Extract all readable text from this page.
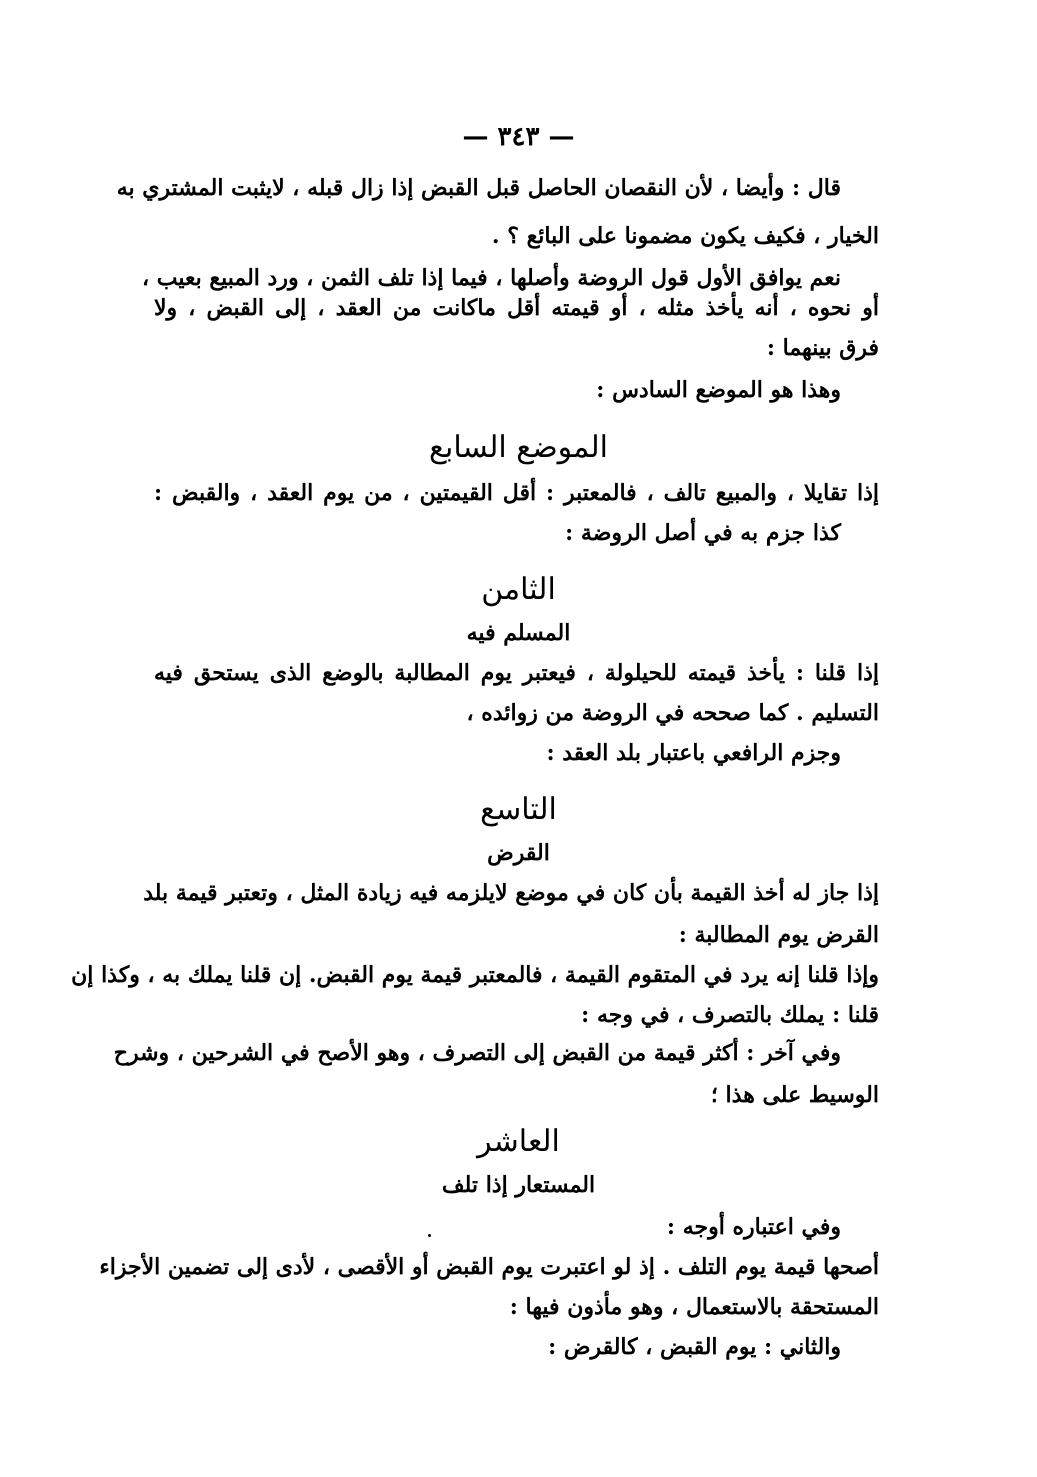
— ٣٤٣ —
قال : وأيضا ، لأن النقصان الحاصل قبل القبض إذا زال قبله ، لايثبت المشتري به
الخيار ، فكيف يكون مضمونا على البائع ؟ .
نعم يوافق الأول قول الروضة وأصلها ، فيما إذا تلف الثمن ، ورد المبيع بعيب ،
أو نحوه ، أنه يأخذ مثله ، أو قيمته أقل ماكانت من العقد ، إلى القبض ، ولا
فرق بينهما :
وهذا هو الموضع السادس :
الموضع السابع
إذا تقايلا ، والمبيع تالف ، فالمعتبر : أقل القيمتين ، من يوم العقد ، والقبض :
كذا جزم به في أصل الروضة :
الثامن
المسلم فيه
إذا قلنا : يأخذ قيمته للحيلولة ، فيعتبر يوم المطالبة بالوضع الذى يستحق فيه
التسليم . كما صححه في الروضة من زوائده ،
وجزم الرافعي باعتبار بلد العقد :
التاسع
القرض
إذا جاز له أخذ القيمة بأن كان في موضع لايلزمه فيه زيادة المثل ، وتعتبر قيمة بلد
القرض يوم المطالبة :
وإذا قلنا إنه يرد في المتقوم القيمة ، فالمعتبر قيمة يوم القبض. إن قلنا يملك به ، وكذا إن
قلنا : يملك بالتصرف ، في وجه :
وفي آخر : أكثر قيمة من القبض إلى التصرف ، وهو الأصح في الشرحين ، وشرح
الوسيط على هذا ؛
العاشر
المستعار إذا تلف
وفي اعتباره أوجه :
أصحها قيمة يوم التلف . إذ لو اعتبرت يوم القبض أو الأقصى ، لأدى إلى تضمين الأجزاء
المستحقة بالاستعمال ، وهو مأذون فيها :
والثاني : يوم القبض ، كالقرض :
